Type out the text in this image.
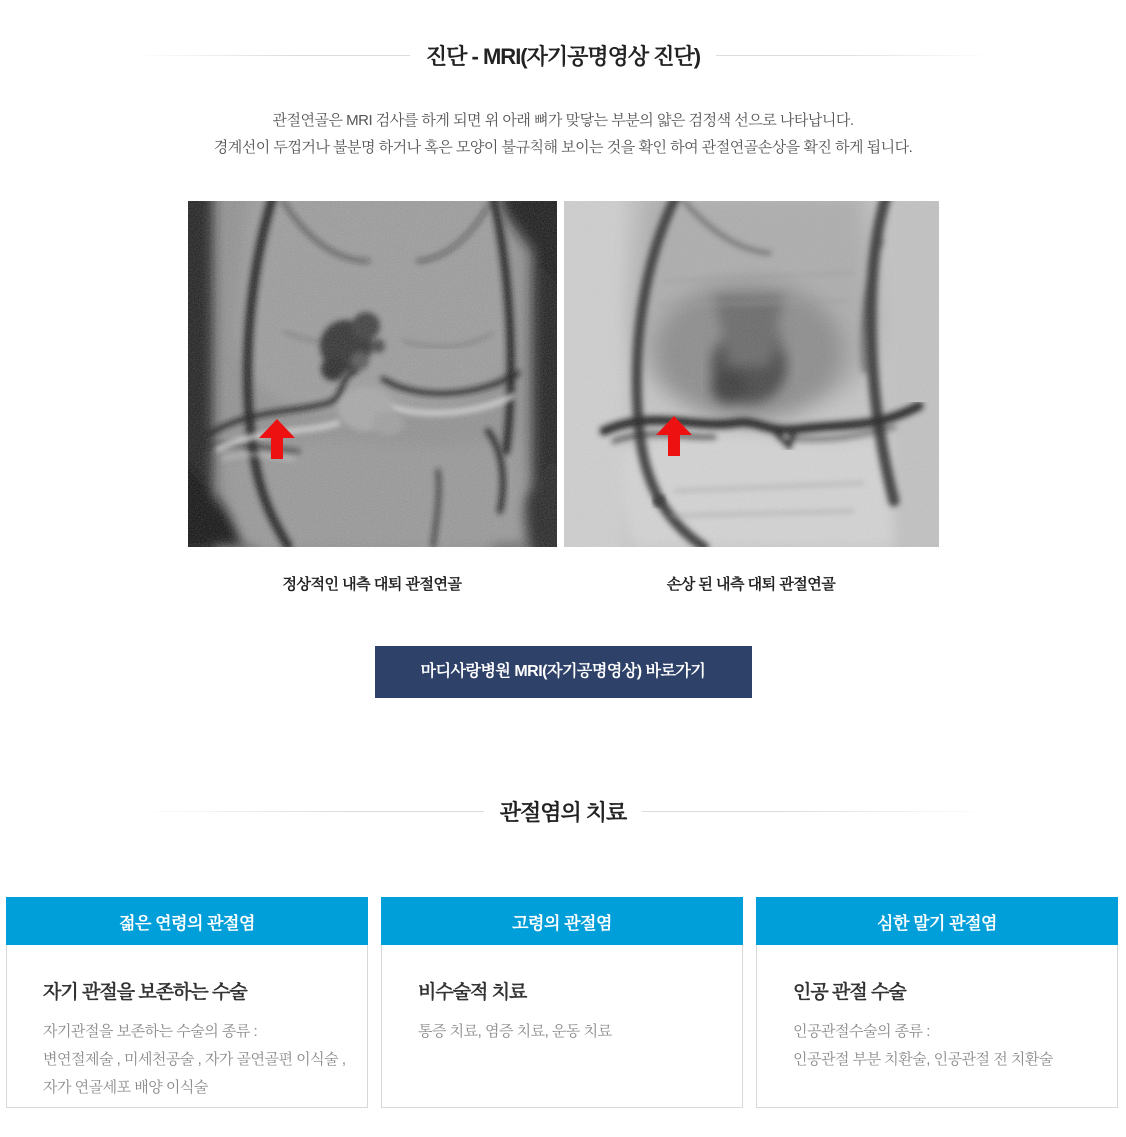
진단 - MRI(자기공명영상 진단)
관절연골은 MRI 검사를 하게 되면 위 아래 뼈가 맞닿는 부분의 얇은 검정색 선으로 나타납니다.
경계선이 두껍거나 불분명 하거나 혹은 모양이 불규칙해 보이는 것을 확인 하여 관절연골손상을 확진 하게 됩니다.
정상적인 내측 대퇴 관절연골	손상 된 내측 대퇴 관절연골
마디사랑병원 MRI(자기공명영상) 바로가기
관절염의 치료
젊은 연령의 관절염
자기 관절을 보존하는 수술
자기관절을 보존하는 수술의 종류 :
변연절제술 , 미세천공술 , 자가 골연골편 이식술 ,
자가 연골세포 배양 이식술
고령의 관절염
비수술적 치료
통증 치료, 염증 치료, 운동 치료
심한 말기 관절염
인공 관절 수술
인공관절수술의 종류 :
인공관절 부분 치환술, 인공관절 전 치환술
